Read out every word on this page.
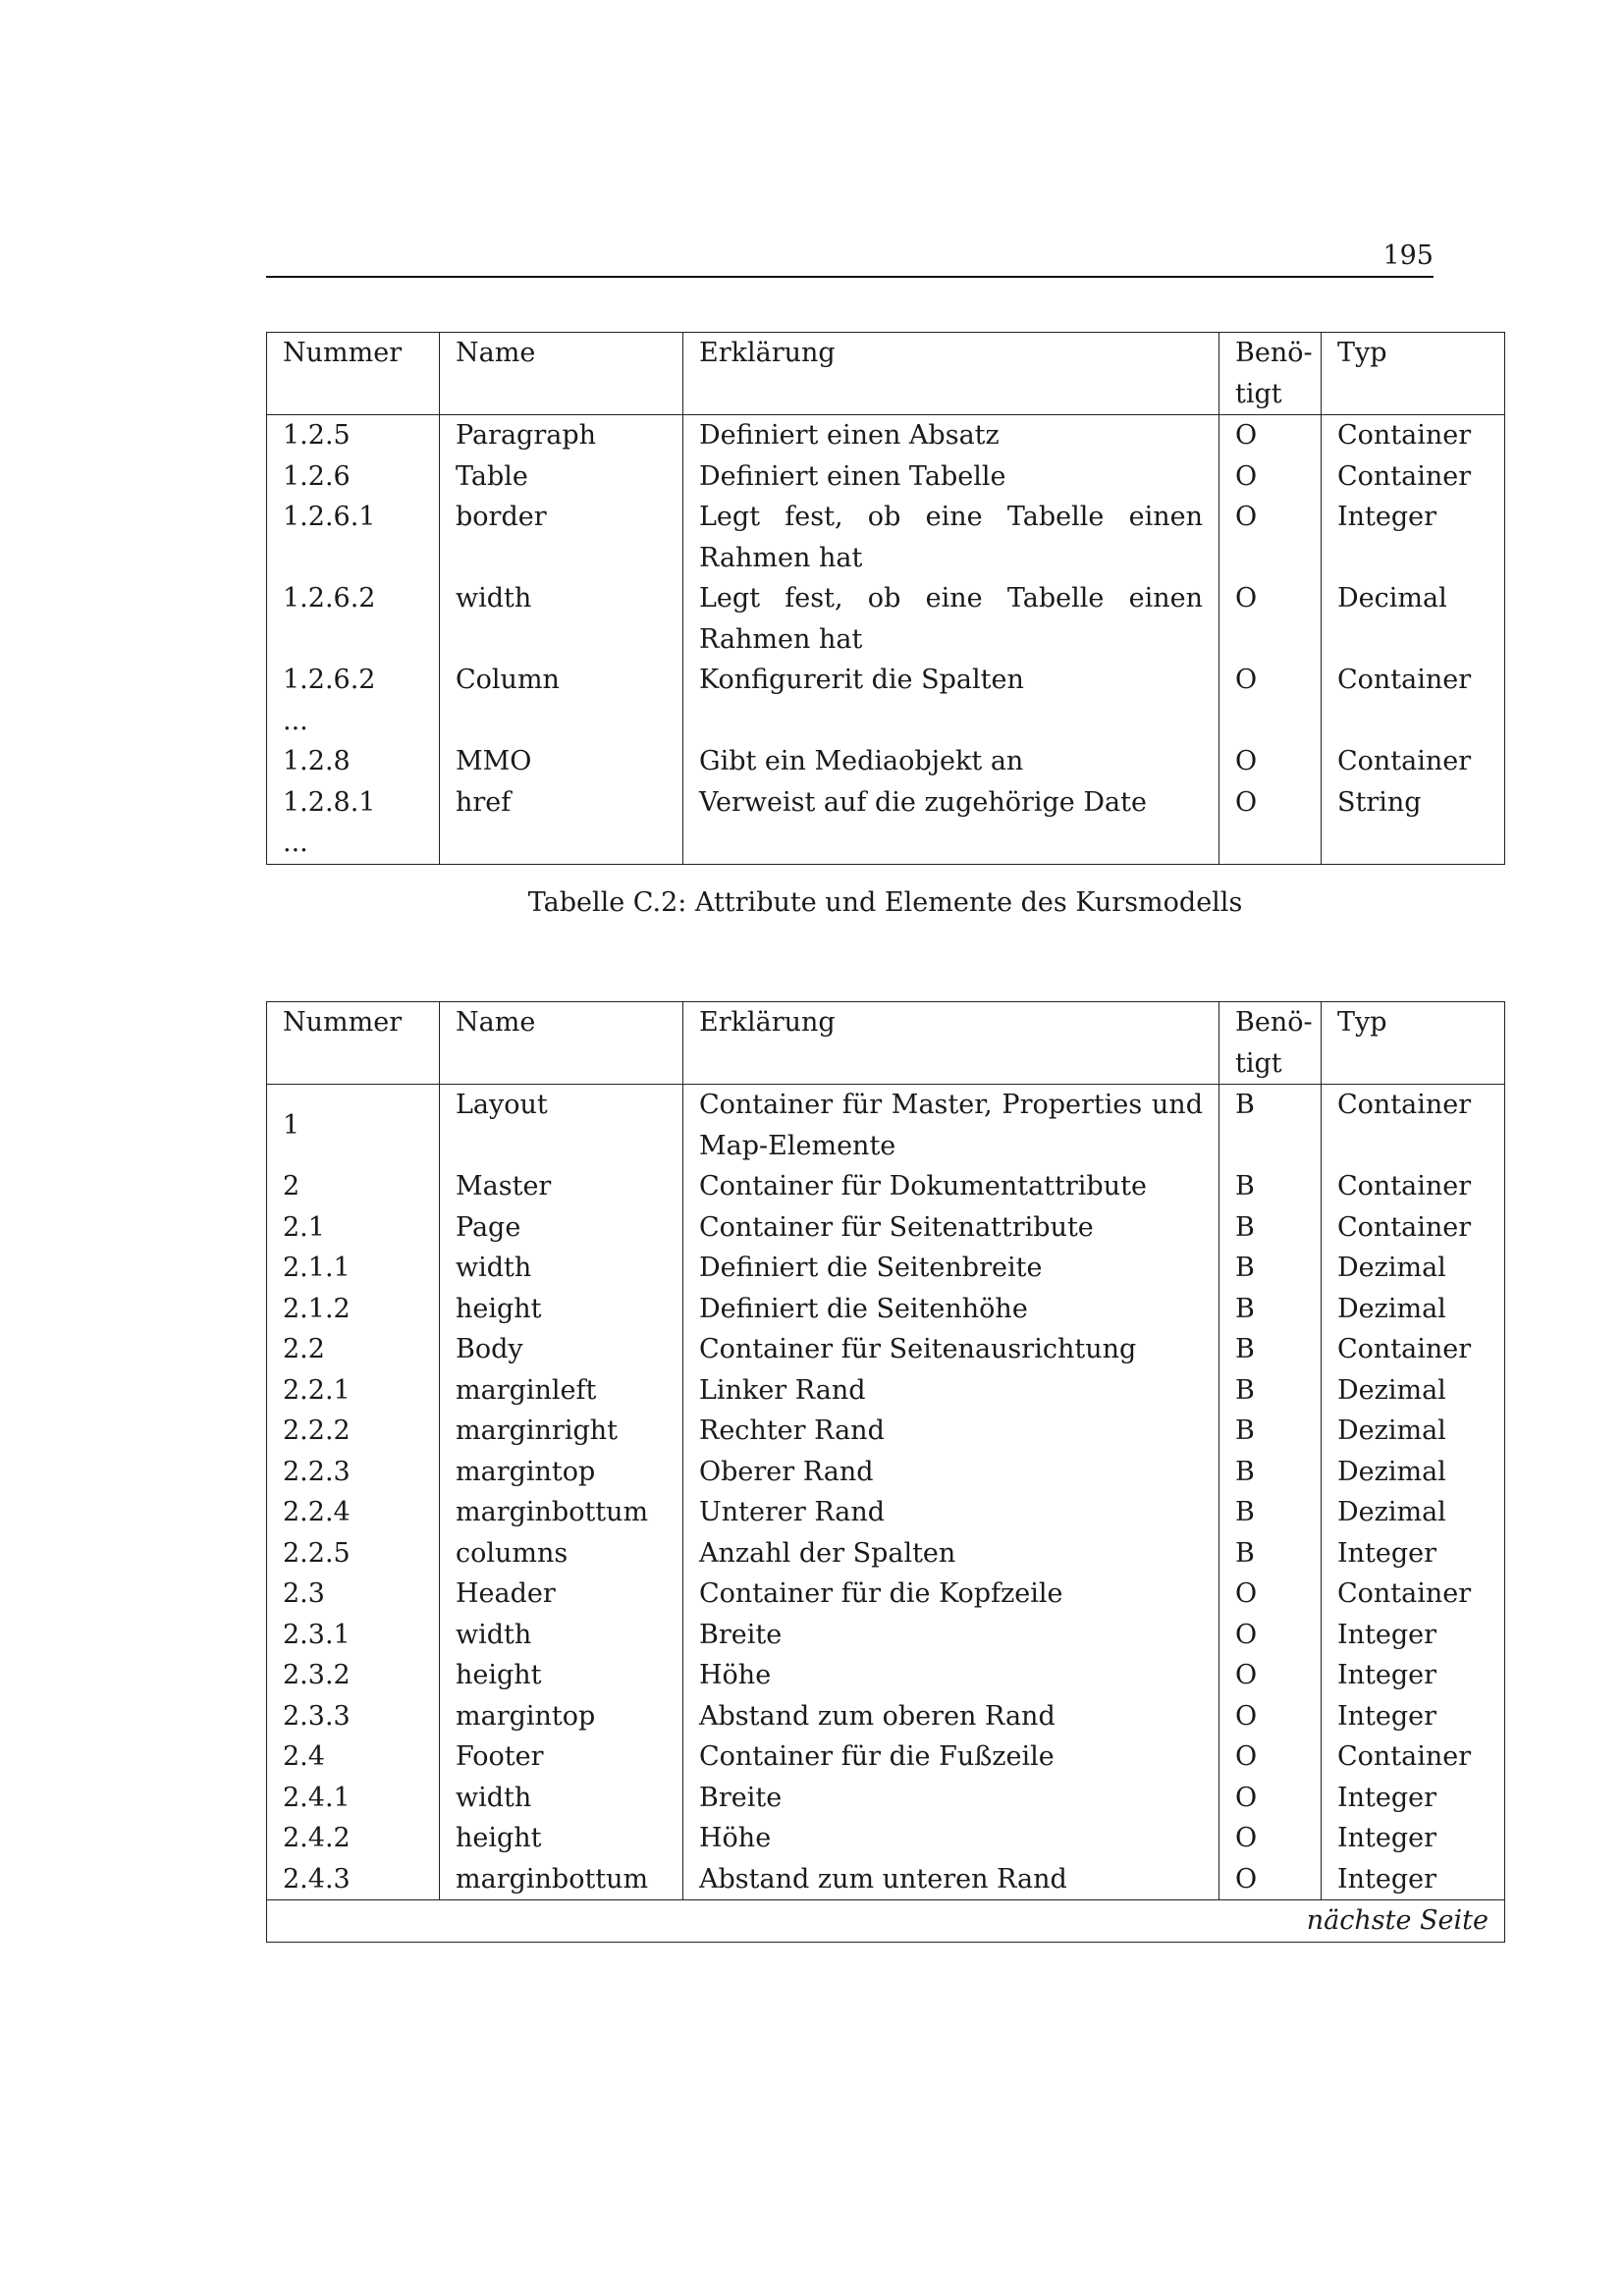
195
Nummer	Name	Erklärung	Benö-
tigt	Typ
1.2.5	Paragraph	Definiert einen Absatz	O	Container
1.2.6	Table	Definiert einen Tabelle	O	Container
1.2.6.1	border	Legt fest, ob eine Tabelle einen Rahmen hat	O	Integer
1.2.6.2	width	Legt fest, ob eine Tabelle einen Rahmen hat	O	Decimal
1.2.6.2	Column	Konfigurerit die Spalten	O	Container
...				
1.2.8	MMO	Gibt ein Mediaobjekt an	O	Container
1.2.8.1	href	Verweist auf die zugehörige Date	O	String
...				
Tabelle C.2: Attribute und Elemente des Kursmodells
Nummer	Name	Erklärung	Benö-
tigt	Typ
1	Layout	Container für Master, Properties und Map-Elemente	B	Container
2	Master	Container für Dokumentattribute	B	Container
2.1	Page	Container für Seitenattribute	B	Container
2.1.1	width	Definiert die Seitenbreite	B	Dezimal
2.1.2	height	Definiert die Seitenhöhe	B	Dezimal
2.2	Body	Container für Seitenausrichtung	B	Container
2.2.1	marginleft	Linker Rand	B	Dezimal
2.2.2	marginright	Rechter Rand	B	Dezimal
2.2.3	margintop	Oberer Rand	B	Dezimal
2.2.4	marginbottum	Unterer Rand	B	Dezimal
2.2.5	columns	Anzahl der Spalten	B	Integer
2.3	Header	Container für die Kopfzeile	O	Container
2.3.1	width	Breite	O	Integer
2.3.2	height	Höhe	O	Integer
2.3.3	margintop	Abstand zum oberen Rand	O	Integer
2.4	Footer	Container für die Fußzeile	O	Container
2.4.1	width	Breite	O	Integer
2.4.2	height	Höhe	O	Integer
2.4.3	marginbottum	Abstand zum unteren Rand	O	Integer
nächste Seite				
